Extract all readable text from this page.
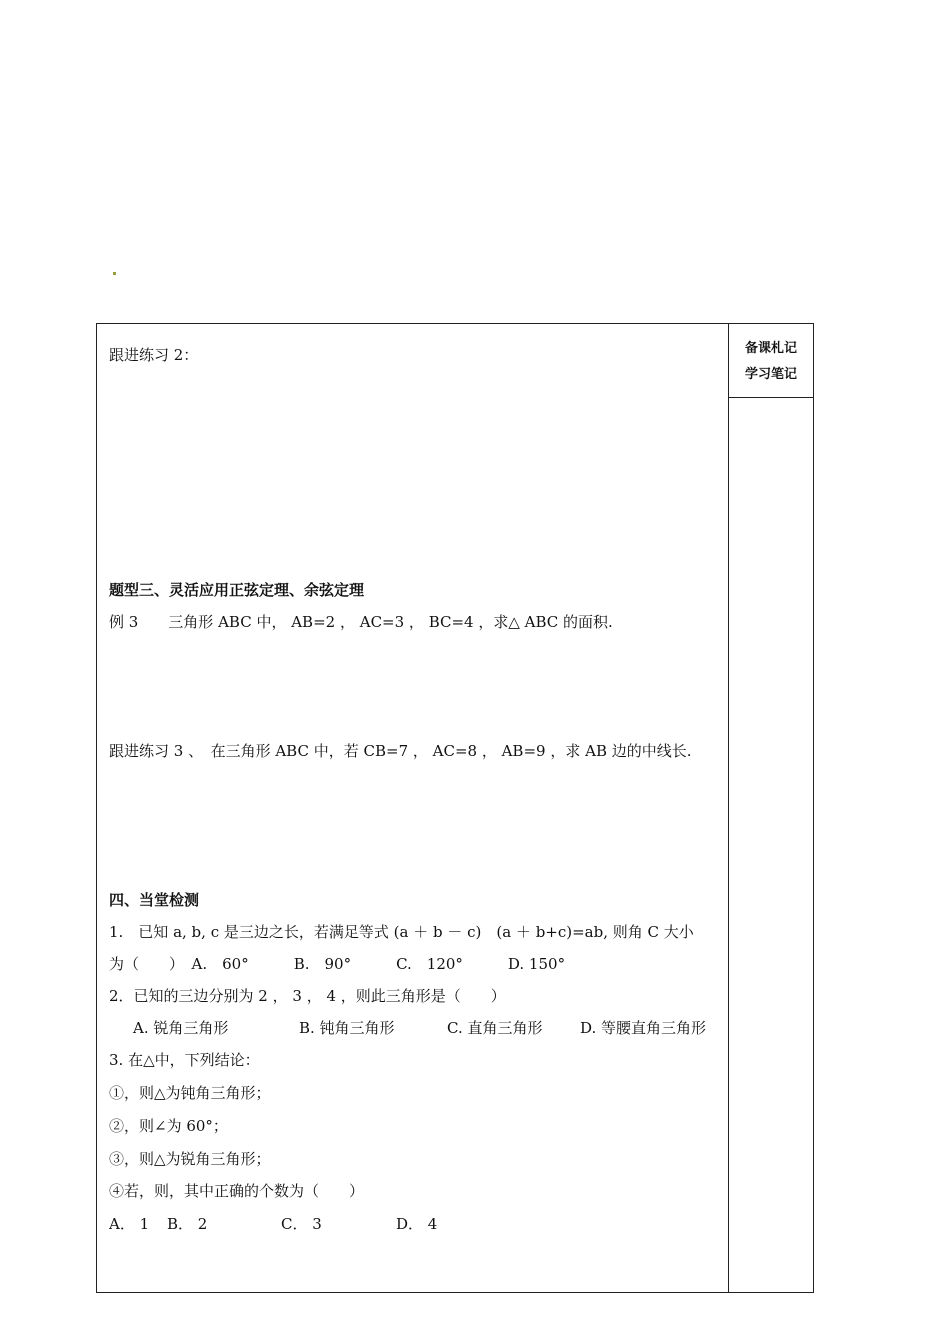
跟进练习 2：
题型三、灵活应用正弦定理、余弦定理
例 3　　三角形 ABC 中， AB=2 ， AC=3 ， BC=4 ，求△ ABC 的面积.
跟进练习 3 、　在三角形 ABC 中，若 CB=7 ， AC=8 ， AB=9 ，求 AB 边的中线长.
四、当堂检测
1.　已知 a, b, c 是三边之长，若满足等式 (a ＋ b － c)　(a ＋ b+c)=ab, 则角 C 大小
为（　　）　A.　60°　　　B.　90°　　　C.　120°　　　D. 150°
2．已知的三边分别为 2 ， 3 ， 4 ，则此三角形是（　　）
A. 锐角三角形	B. 钝角三角形	C. 直角三角形	D. 等腰直角三角形
3. 在△中，下列结论：
①，则△为钝角三角形；
②，则∠为 60°；
③，则△为锐角三角形；
④若，则，其中正确的个数为（　　）
A． 1 B． 2	C． 3	D． 4
备课札记
学习笔记
